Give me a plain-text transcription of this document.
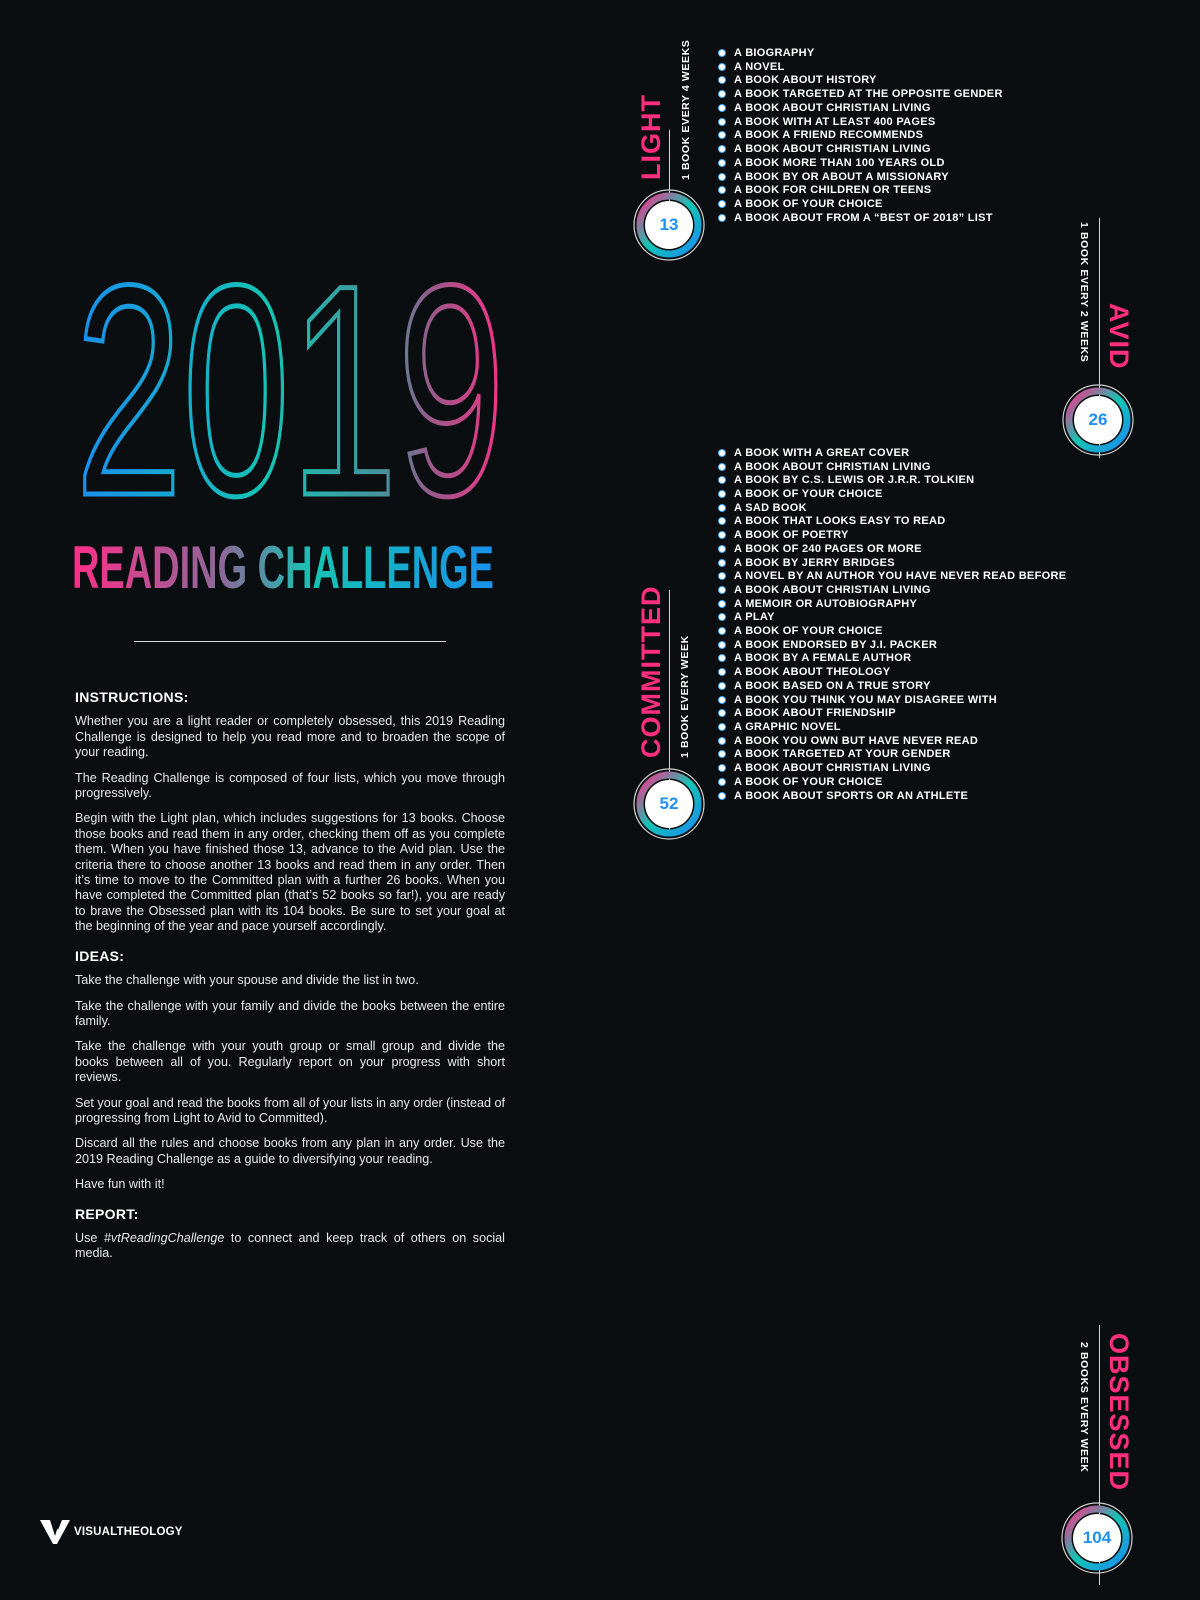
2019
READING CHALLENGE
INSTRUCTIONS:

Whether you are a light reader or completely obsessed, this 2019 Reading Challenge is designed to help you read more and to broaden the scope of your reading.

The Reading Challenge is composed of four lists, which you move through progressively.

Begin with the Light plan, which includes suggestions for 13 books. Choose those books and read them in any order, checking them off as you complete them. When you have finished those 13, advance to the Avid plan. Use the criteria there to choose another 13 books and read them in any order. Then it’s time to move to the Committed plan with a further 26 books. When you have completed the Committed plan (that’s 52 books so far!), you are ready to brave the Obsessed plan with its 104 books. Be sure to set your goal at the beginning of the year and pace yourself accordingly.

IDEAS:

Take the challenge with your spouse and divide the list in two.

Take the challenge with your family and divide the books between the entire family.

Take the challenge with your youth group or small group and divide the books between all of you. Regularly report on your progress with short reviews.

Set your goal and read the books from all of your lists in any order (instead of progressing from Light to Avid to Committed).

Discard all the rules and choose books from any plan in any order. Use the 2019 Reading Challenge as a guide to diversifying your reading.

Have fun with it!

REPORT:

Use #vtReadingChallenge to connect and keep track of others on social media.

VISUALTHEOLOGY
LIGHT 1 BOOK EVERY 4 WEEKS
13
AVID
1 BOOK EVERY 2 WEEKS
26
COMMITTED 1 BOOK EVERY WEEK
52
OBSESSED
2 BOOKS EVERY WEEK
104
A BIOGRAPHY
A NOVEL
A BOOK ABOUT HISTORY
A BOOK TARGETED AT THE OPPOSITE GENDER
A BOOK ABOUT CHRISTIAN LIVING
A BOOK WITH AT LEAST 400 PAGES
A BOOK A FRIEND RECOMMENDS
A BOOK ABOUT CHRISTIAN LIVING
A BOOK MORE THAN 100 YEARS OLD
A BOOK BY OR ABOUT A MISSIONARY
A BOOK FOR CHILDREN OR TEENS
A BOOK OF YOUR CHOICE
A BOOK ABOUT FROM A “BEST OF 2018” LIST
A BOOK WITH A GREAT COVER
A BOOK ABOUT CHRISTIAN LIVING
A BOOK BY C.S. LEWIS OR J.R.R. TOLKIEN
A BOOK OF YOUR CHOICE
A SAD BOOK
A BOOK THAT LOOKS EASY TO READ
A BOOK OF POETRY
A BOOK OF 240 PAGES OR MORE
A BOOK BY JERRY BRIDGES
A NOVEL BY AN AUTHOR YOU HAVE NEVER READ BEFORE
A BOOK ABOUT CHRISTIAN LIVING
A MEMOIR OR AUTOBIOGRAPHY
A PLAY
A BOOK OF YOUR CHOICE
A BOOK ENDORSED BY J.I. PACKER
A BOOK BY A FEMALE AUTHOR
A BOOK ABOUT THEOLOGY
A BOOK BASED ON A TRUE STORY
A BOOK YOU THINK YOU MAY DISAGREE WITH
A BOOK ABOUT FRIENDSHIP
A GRAPHIC NOVEL
A BOOK YOU OWN BUT HAVE NEVER READ
A BOOK TARGETED AT YOUR GENDER
A BOOK ABOUT CHRISTIAN LIVING
A BOOK OF YOUR CHOICE
A BOOK ABOUT SPORTS OR AN ATHLETE
